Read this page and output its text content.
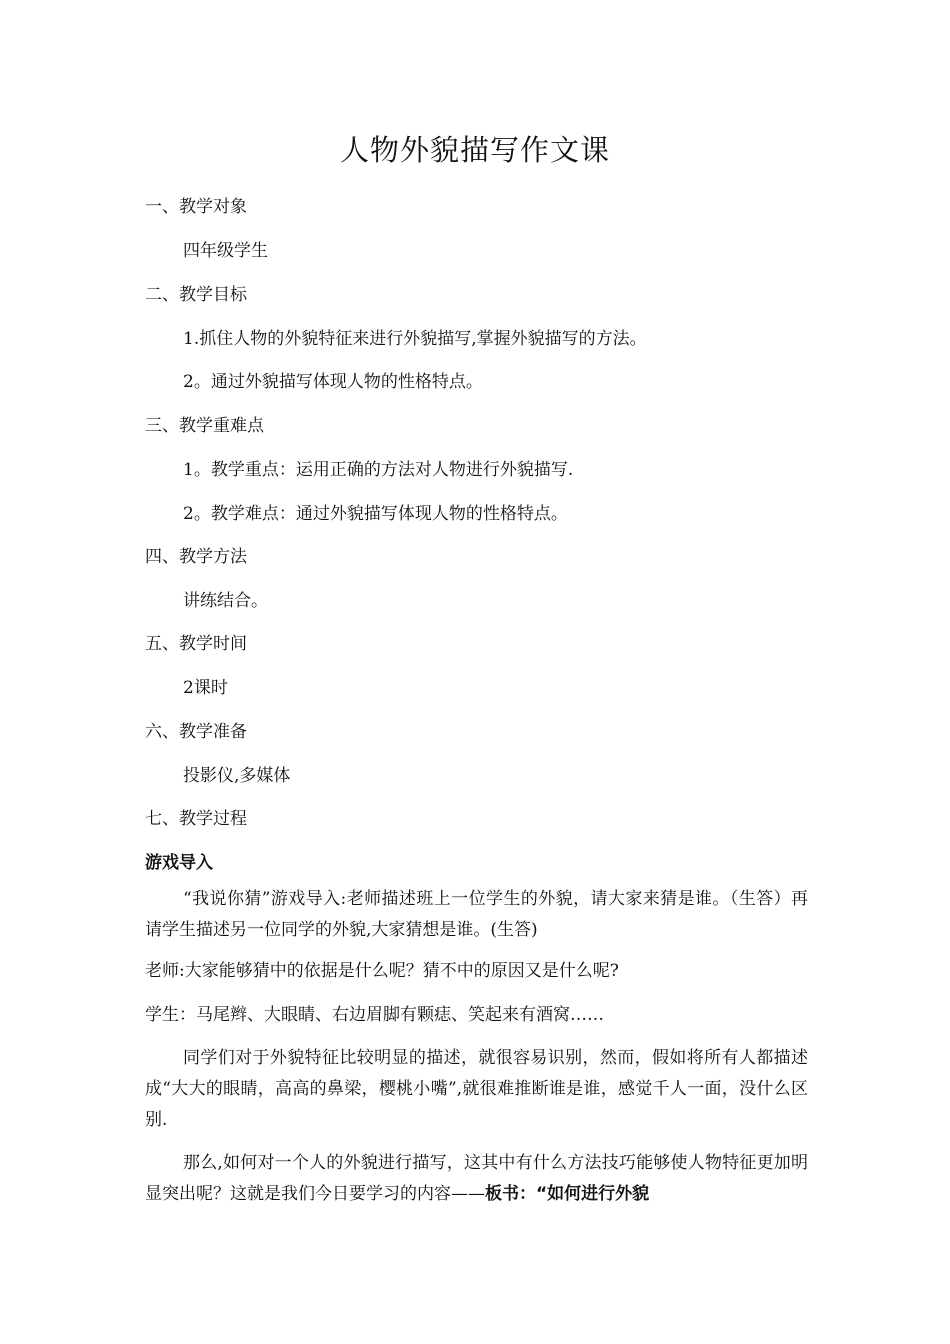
人物外貌描写作文课
一、教学对象
四年级学生
二、教学目标
1.抓住人物的外貌特征来进行外貌描写,掌握外貌描写的方法。
2。通过外貌描写体现人物的性格特点。
三、教学重难点
1。教学重点：运用正确的方法对人物进行外貌描写.
2。教学难点：通过外貌描写体现人物的性格特点。
四、教学方法
讲练结合。
五、教学时间
2课时
六、教学准备
投影仪,多媒体
七、教学过程
游戏导入
“我说你猜”游戏导入:老师描述班上一位学生的外貌，请大家来猜是谁。（生答）再请学生描述另一位同学的外貌,大家猜想是谁。(生答)
老师:大家能够猜中的依据是什么呢？猜不中的原因又是什么呢?
学生：马尾辫、大眼睛、右边眉脚有颗痣、笑起来有酒窝……
同学们对于外貌特征比较明显的描述，就很容易识别，然而，假如将所有人都描述成“大大的眼睛，高高的鼻梁，樱桃小嘴”,就很难推断谁是谁，感觉千人一面，没什么区别.
那么,如何对一个人的外貌进行描写，这其中有什么方法技巧能够使人物特征更加明显突出呢？这就是我们今日要学习的内容——板书：“如何进行外貌
